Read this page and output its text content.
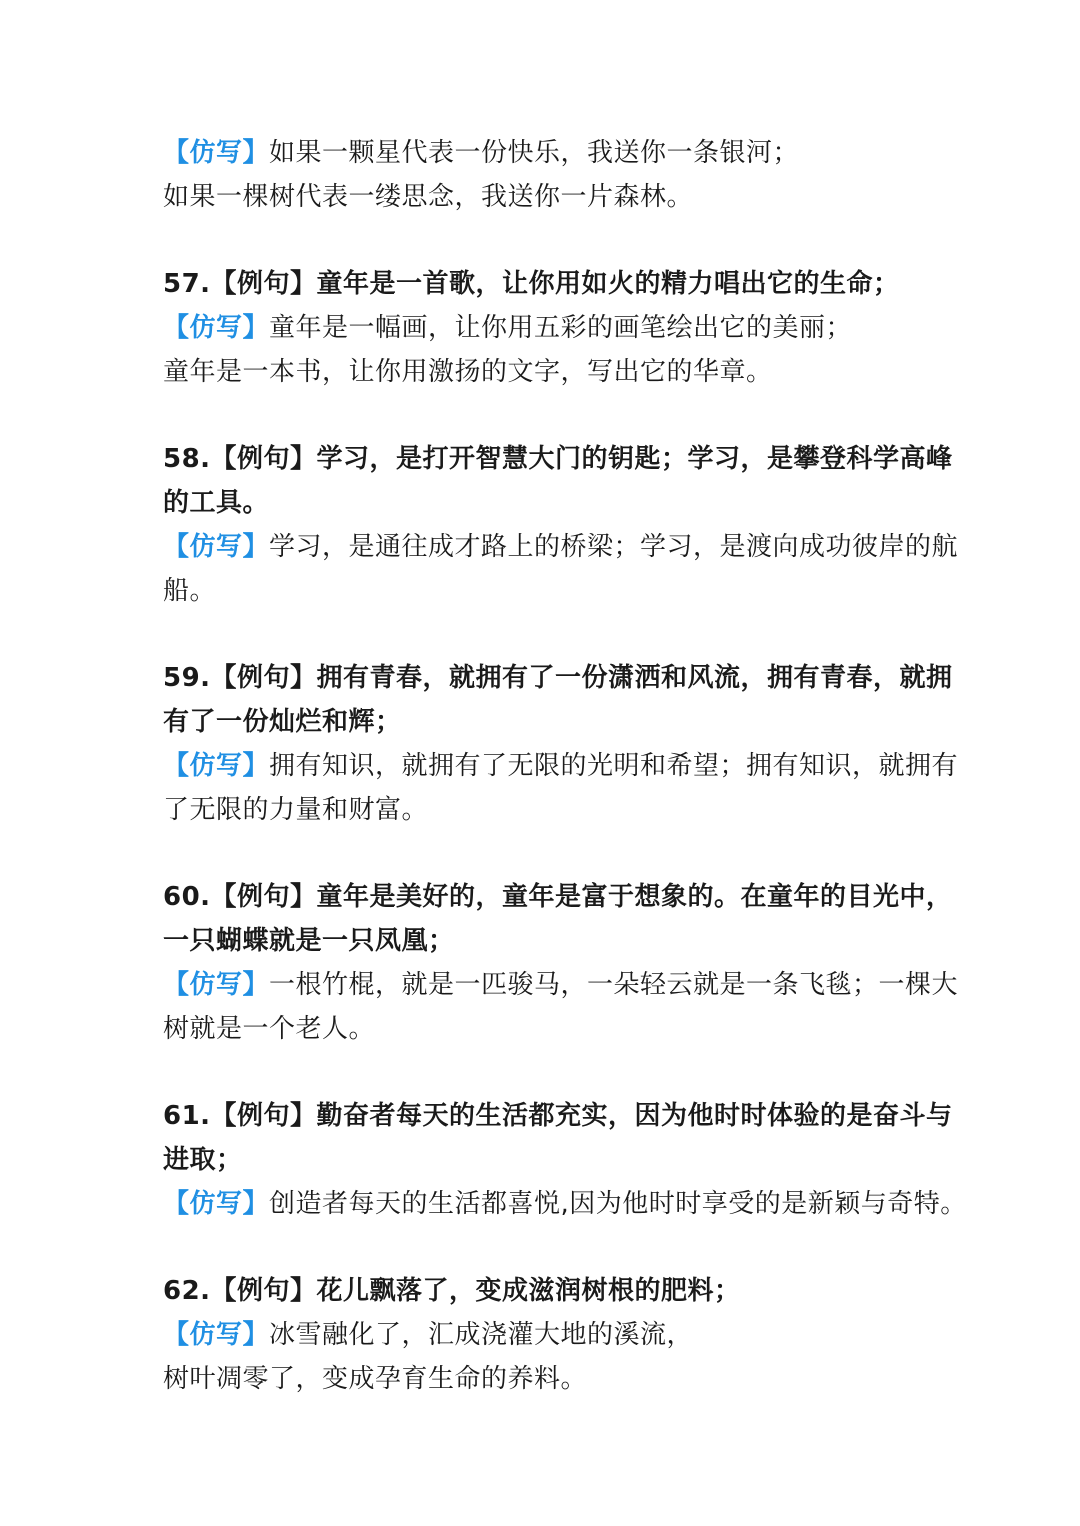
【仿写】如果一颗星代表一份快乐，我送你一条银河；
如果一棵树代表一缕思念，我送你一片森林。
57.【例句】童年是一首歌，让你用如火的精力唱出它的生命；
【仿写】童年是一幅画，让你用五彩的画笔绘出它的美丽；
童年是一本书，让你用激扬的文字，写出它的华章。
58.【例句】学习，是打开智慧大门的钥匙；学习，是攀登科学高峰
的工具。
【仿写】学习，是通往成才路上的桥梁；学习，是渡向成功彼岸的航
船。
59.【例句】拥有青春，就拥有了一份潇洒和风流，拥有青春，就拥
有了一份灿烂和辉；
【仿写】拥有知识，就拥有了无限的光明和希望；拥有知识，就拥有
了无限的力量和财富。
60.【例句】童年是美好的，童年是富于想象的。在童年的目光中，
一只蝴蝶就是一只凤凰；
【仿写】一根竹棍，就是一匹骏马，一朵轻云就是一条飞毯；一棵大
树就是一个老人。
61.【例句】勤奋者每天的生活都充实，因为他时时体验的是奋斗与
进取；
【仿写】创造者每天的生活都喜悦,因为他时时享受的是新颖与奇特。
62.【例句】花儿飘落了，变成滋润树根的肥料；
【仿写】冰雪融化了，汇成浇灌大地的溪流，
树叶凋零了，变成孕育生命的养料。
